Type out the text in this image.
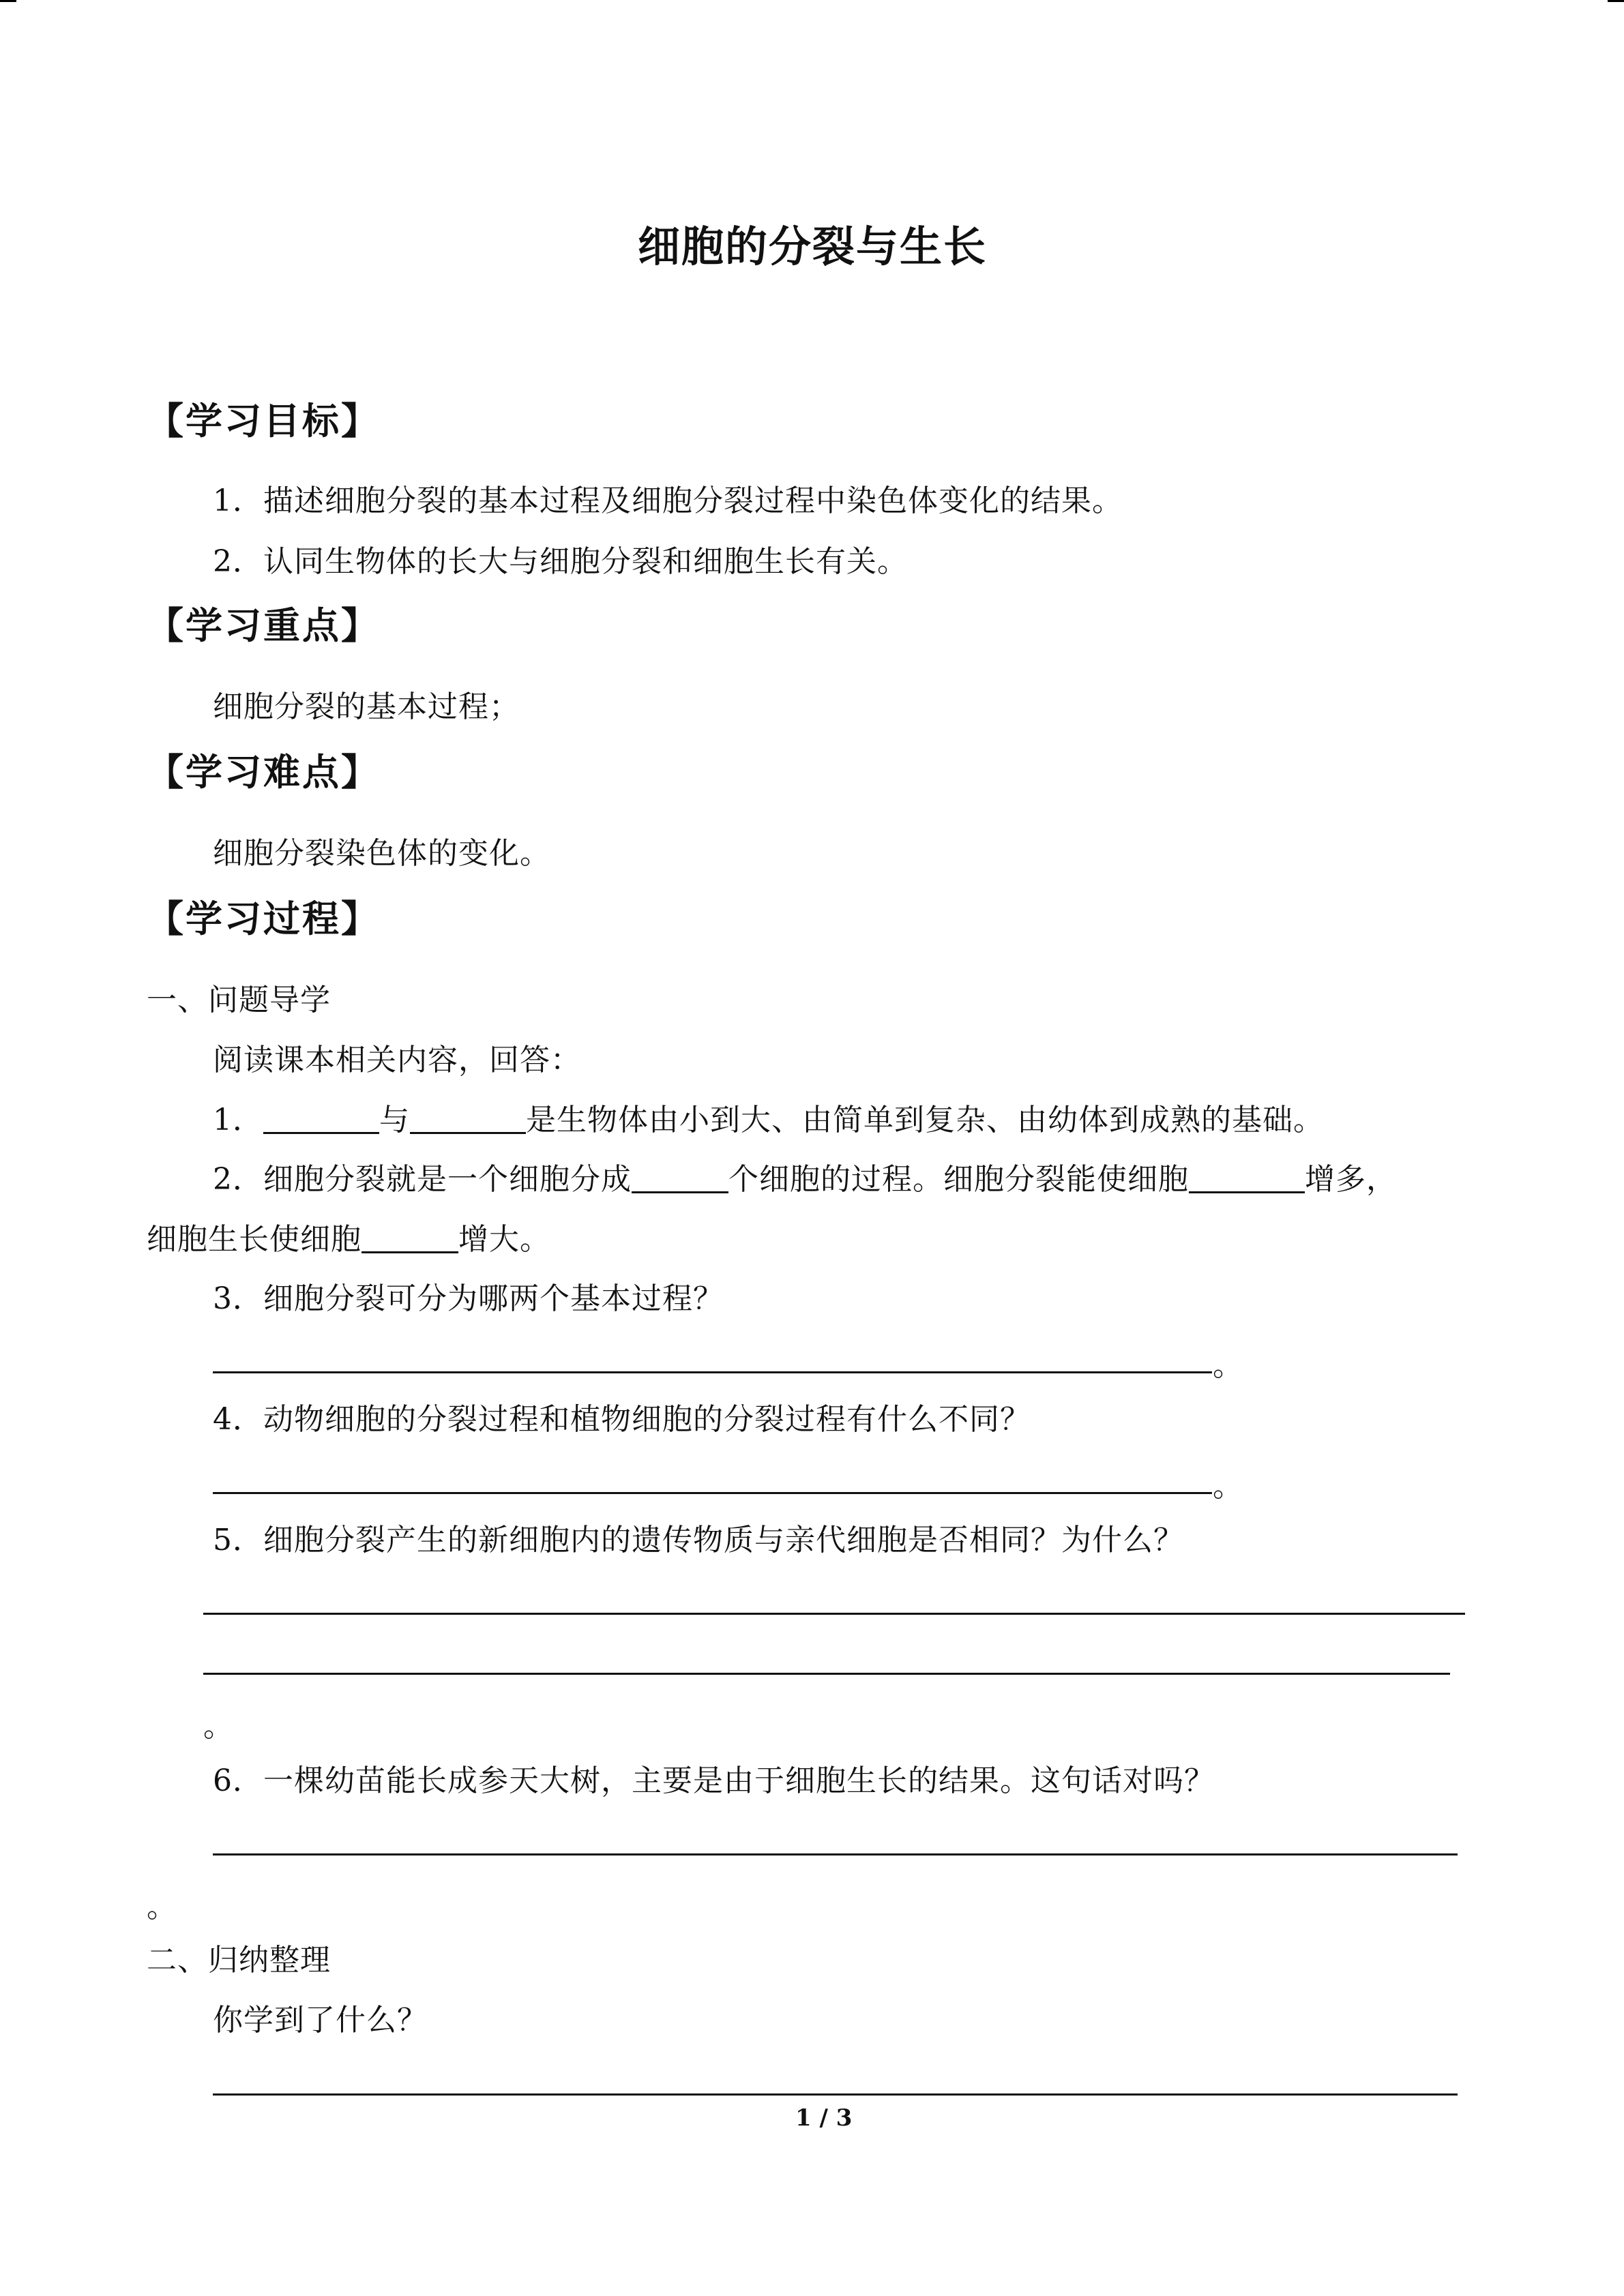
细胞的分裂与生长
【学习目标】
1．描述细胞分裂的基本过程及细胞分裂过程中染色体变化的结果。
2．认同生物体的长大与细胞分裂和细胞生长有关。
【学习重点】
细胞分裂的基本过程；
【学习难点】
细胞分裂染色体的变化。
【学习过程】
一、问题导学
阅读课本相关内容，回答：
1．	与	是生物体由小到大、由简单到复杂、由幼体到成熟的基础。
2．细胞分裂就是一个细胞分成	个细胞的过程。细胞分裂能使细胞	增多，
细胞生长使细胞	增大。
3．细胞分裂可分为哪两个基本过程？
。
4．动物细胞的分裂过程和植物细胞的分裂过程有什么不同？
。
5．细胞分裂产生的新细胞内的遗传物质与亲代细胞是否相同？为什么？
。
6．一棵幼苗能长成参天大树，主要是由于细胞生长的结果。这句话对吗？
。
二、归纳整理
你学到了什么？
1 / 3
